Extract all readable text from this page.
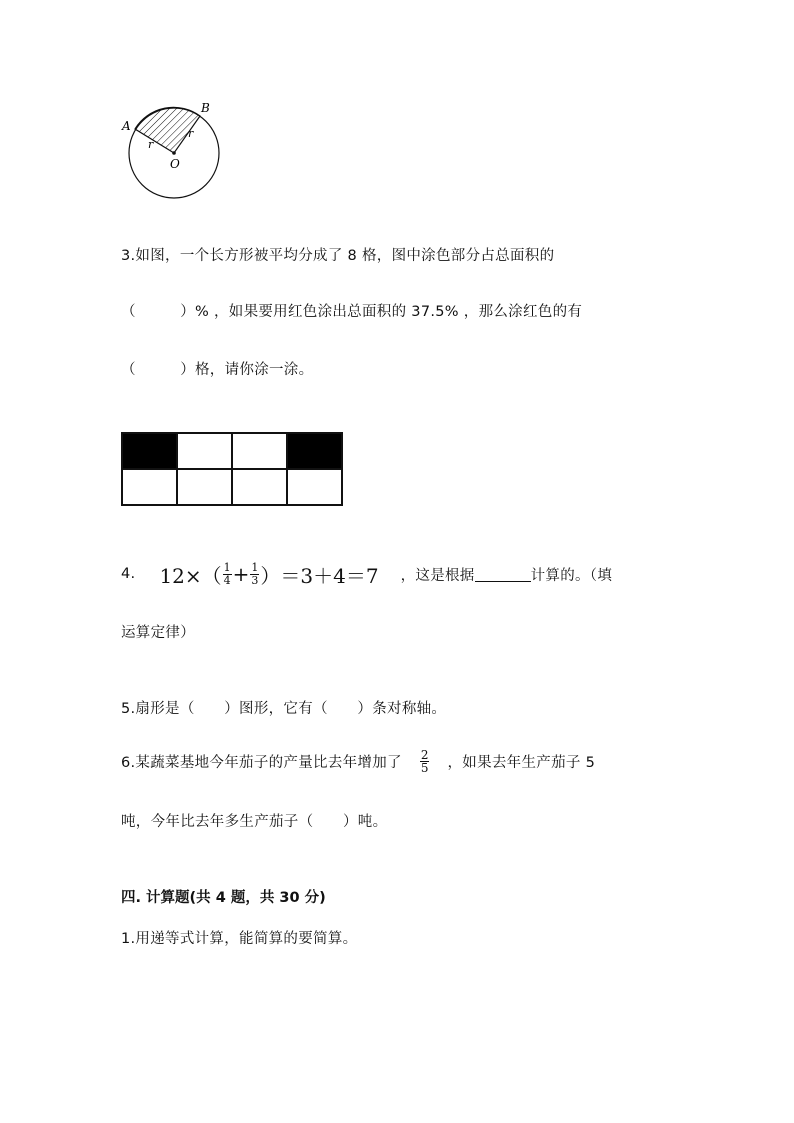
A
B
O
r
r
3.如图，一个长方形被平均分成了 8 格，图中涂色部分占总面积的
（　　　）% ，如果要用红色涂出总面积的 37.5% ，那么涂红色的有
（　　　）格，请你涂一涂。

4. $12\times( \frac{1}{4} + \frac{1}{3} )=3+4=7$ ，这是根据	计算的。（填
运算定律）
5.扇形是（　　）图形，它有（　　）条对称轴。
6.某蔬菜基地今年茄子的产量比去年增加了 $\frac{2}{5}$ ，如果去年生产茄子 5
吨，今年比去年多生产茄子（　　）吨。
四. 计算题(共 4 题，共 30 分)
1.用递等式计算，能简算的要简算。
